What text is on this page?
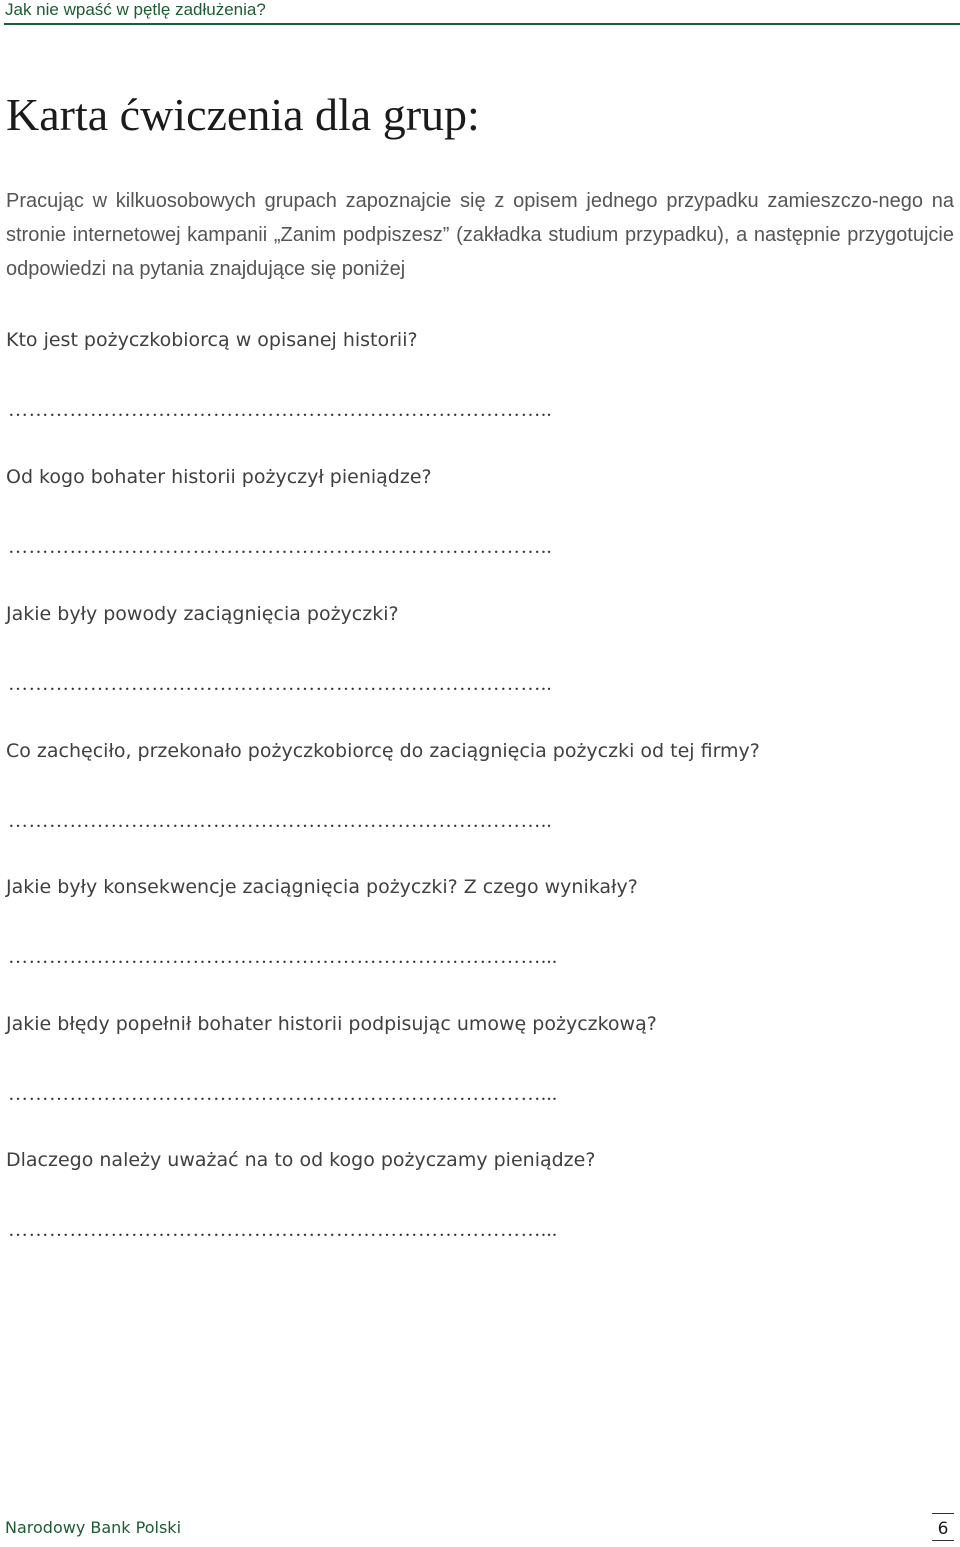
Jak nie wpaść w pętlę zadłużenia?
Karta ćwiczenia dla grup:

Pracując w kilkuosobowych grupach zapoznajcie się z opisem jednego przypadku zamieszczo-nego na stronie internetowej kampanii „Zanim podpiszesz” (zakładka studium przypadku), a następnie przygotujcie odpowiedzi na pytania znajdujące się poniżej

Kto jest pożyczkobiorcą w opisanej historii?

……………………………………………………………………..

Od kogo bohater historii pożyczył pieniądze?

……………………………………………………………………..

Jakie były powody zaciągnięcia pożyczki?

……………………………………………………………………..

Co zachęciło, przekonało pożyczkobiorcę do zaciągnięcia pożyczki od tej firmy?

……………………………………………………………………..

Jakie były konsekwencje zaciągnięcia pożyczki? Z czego wynikały?

……………………………………………………………………...

Jakie błędy popełnił bohater historii podpisując umowę pożyczkową?

……………………………………………………………………...

Dlaczego należy uważać na to od kogo pożyczamy pieniądze?

……………………………………………………………………...

Narodowy Bank Polski	6
